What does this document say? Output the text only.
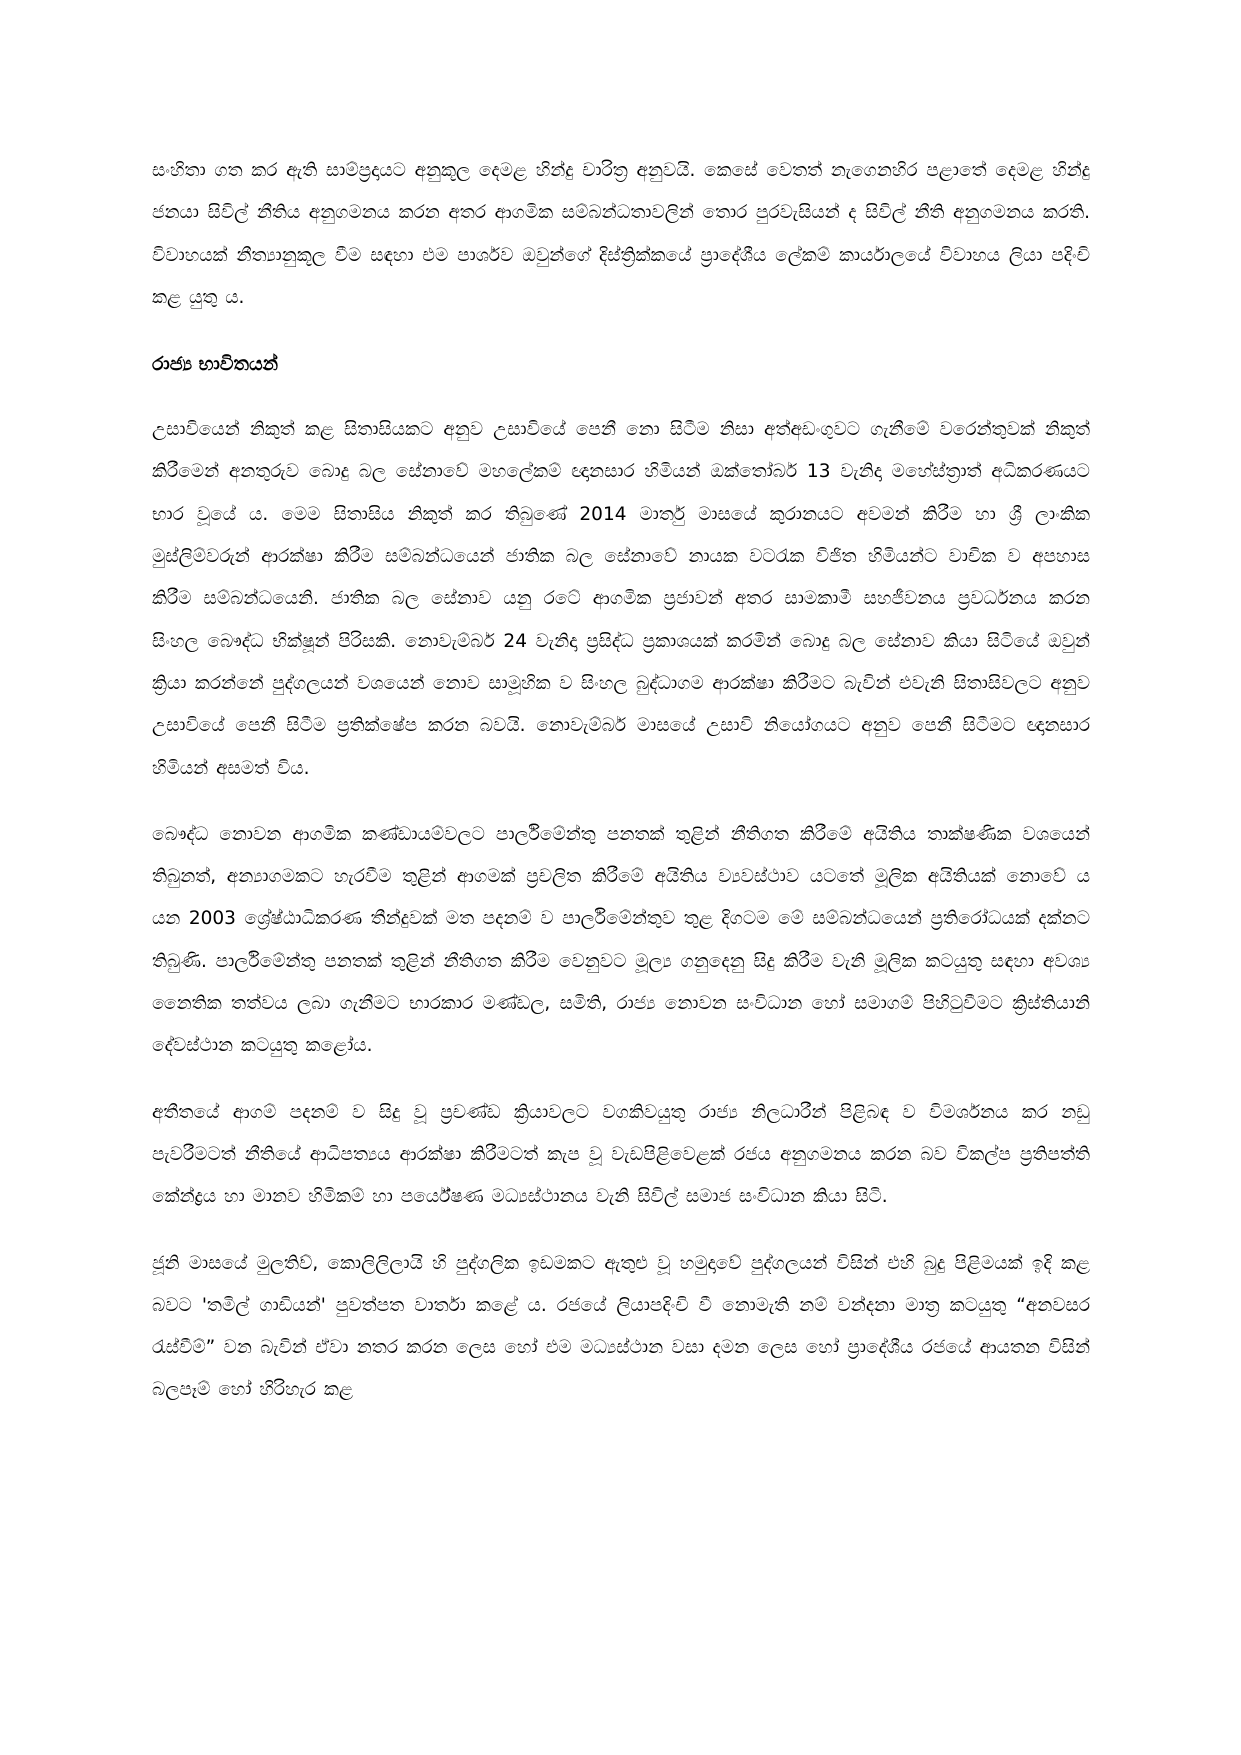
සංහිතා ගත කර ඇති සාම්ප්‍රදායට අනුකූල දෙමළ හින්දු චාරිත්‍ර අනුවයි. කෙසේ වෙතත් නැගෙනහිර පළාතේ දෙමළ හින්දු ජනයා සිවිල් නීතිය අනුගමනය කරන අතර ආගමික සම්බන්ධතාවලින් තොර පුරවැසියන් ද සිවිල් නීති අනුගමනය කරති. විවාහයක් නීත්‍යානුකූල වීම සඳහා එම පාර්ශව ඔවුන්ගේ දිස්ත්‍රික්කයේ ප්‍රාදේශීය ලේකම් කාර්යාලයේ විවාහය ලියා පදිංචි කළ යුතු ය.

රාජ්‍ය භාවිතයන්

උසාවියෙන් නිකුත් කළ සිතාසියකට අනුව උසාවියේ පෙනී නො සිටීම නිසා අත්අඩංගුවට ගැනීමේ වරෙන්තුවක් නිකුත් කිරීමෙන් අනතුරුව බොදු බල සේනාවේ මහලේකම් ඥානසාර හිමියන් ඔක්තෝබර් 13 වැනිදා මහේස්ත්‍රාත් අධිකරණයට භාර වූයේ ය. මෙම සිතාසිය නිකුත් කර තිබුණේ 2014 මාර්තු මාසයේ කුරානයට අවමන් කිරීම හා ශ්‍රී ලාංකික මුස්ලිම්වරුන් ආරක්ෂා කිරීම සම්බන්ධයෙන් ජාතික බල සේනාවේ නායක වටරැක විජිත හිමියන්ට වාචික ව අපහාස කිරීම සම්බන්ධයෙනි. ජාතික බල සේනාව යනු රටේ ආගමික ප්‍රජාවන් අතර සාමකාමී සහජීවනය ප්‍රවර්ධනය කරන සිංහල බෞද්ධ භික්ෂූන් පිරිසකි. නොවැම්බර් 24 වැනිදා ප්‍රසිද්ධ ප්‍රකාශයක් කරමින් බොදු බල සේනාව කියා සිටියේ ඔවුන් ක්‍රියා කරන්නේ පුද්ගලයන් වශයෙන් නොව සාමූහික ව සිංහල බුද්ධාගම ආරක්ෂා කිරීමට බැවින් එවැනි සිතාසිවලට අනුව උසාවියේ පෙනී සිටීම ප්‍රතික්ෂේප කරන බවයි. නොවැම්බර් මාසයේ උසාවි නියෝගයට අනුව පෙනී සිටීමට ඥානසාර හිමියන් අසමත් විය.

බෞද්ධ නොවන ආගමික කණ්ඩායම්වලට පාර්ලිමේන්තු පනතක් තුළින් නීතිගත කිරීමේ අයිතිය තාක්ෂණික වශයෙන් තිබුනත්, අන්‍යාගමකට හැරවීම තුළින් ආගමක් ප්‍රචලිත කිරීමේ අයිතිය ව්‍යවස්ථාව යටතේ මූලික අයිතියක් නොවේ ය යන 2003 ශ්‍රේෂ්ඨාධිකරණ තීන්දුවක් මත පදනම් ව පාර්ලිමේන්තුව තුළ දිගටම මේ සම්බන්ධයෙන් ප්‍රතිරෝධයක් දක්නට තිබුණි. පාර්ලිමේන්තු පනතක් තුළින් නීතිගත කිරීම වෙනුවට මූල්‍ය ගනුදෙනු සිදු කිරීම වැනි මූලික කටයුතු සඳහා අවශ්‍ය නෛතික තත්වය ලබා ගැනීමට භාරකාර මණ්ඩල, සමිති, රාජ්‍ය නොවන සංවිධාන හෝ සමාගම් පිහිටුවීමට ක්‍රිස්තියානි දේවස්ථාන කටයුතු කළෝය.

අතීතයේ ආගම් පදනම් ව සිදු වූ ප්‍රචණ්ඩ ක්‍රියාවලට වගකිවයුතු රාජ්‍ය නිලධාරීන් පිළිබඳ ව විමර්ශනය කර නඩු පැවරීමටත් නීතියේ ආධිපත්‍යය ආරක්ෂා කිරීමටත් කැප වූ වැඩපිළිවෙළක් රජය අනුගමනය කරන බව විකල්ප ප්‍රතිපත්ති කේන්ද්‍රය හා මානව හිමිකම් හා පර්යේෂණ මධ්‍යස්ථානය වැනි සිවිල් සමාජ සංවිධාන කියා සිටි.

ජූනි මාසයේ මුලතිව්, කොලිලිලායි හි පුද්ගලික ඉඩමකට ඇතුළු වූ හමුදාවේ පුද්ගලයන් විසින් එහි බුදු පිළිමයක් ඉදි කළ බවට 'තමිල් ගාඩියන්' පුවත්පත වාර්තා කළේ ය. රජයේ ලියාපදිංචි වී නොමැති නම් වන්දනා මාත්‍ර කටයුතු “අනවසර රැස්වීම්” වන බැවින් ඒවා නතර කරන ලෙස හෝ එම මධ්‍යස්ථාන වසා දමන ලෙස හෝ ප්‍රාදේශීය රජයේ ආයතන විසින් බලපෑම් හෝ හිරිහැර කළ
